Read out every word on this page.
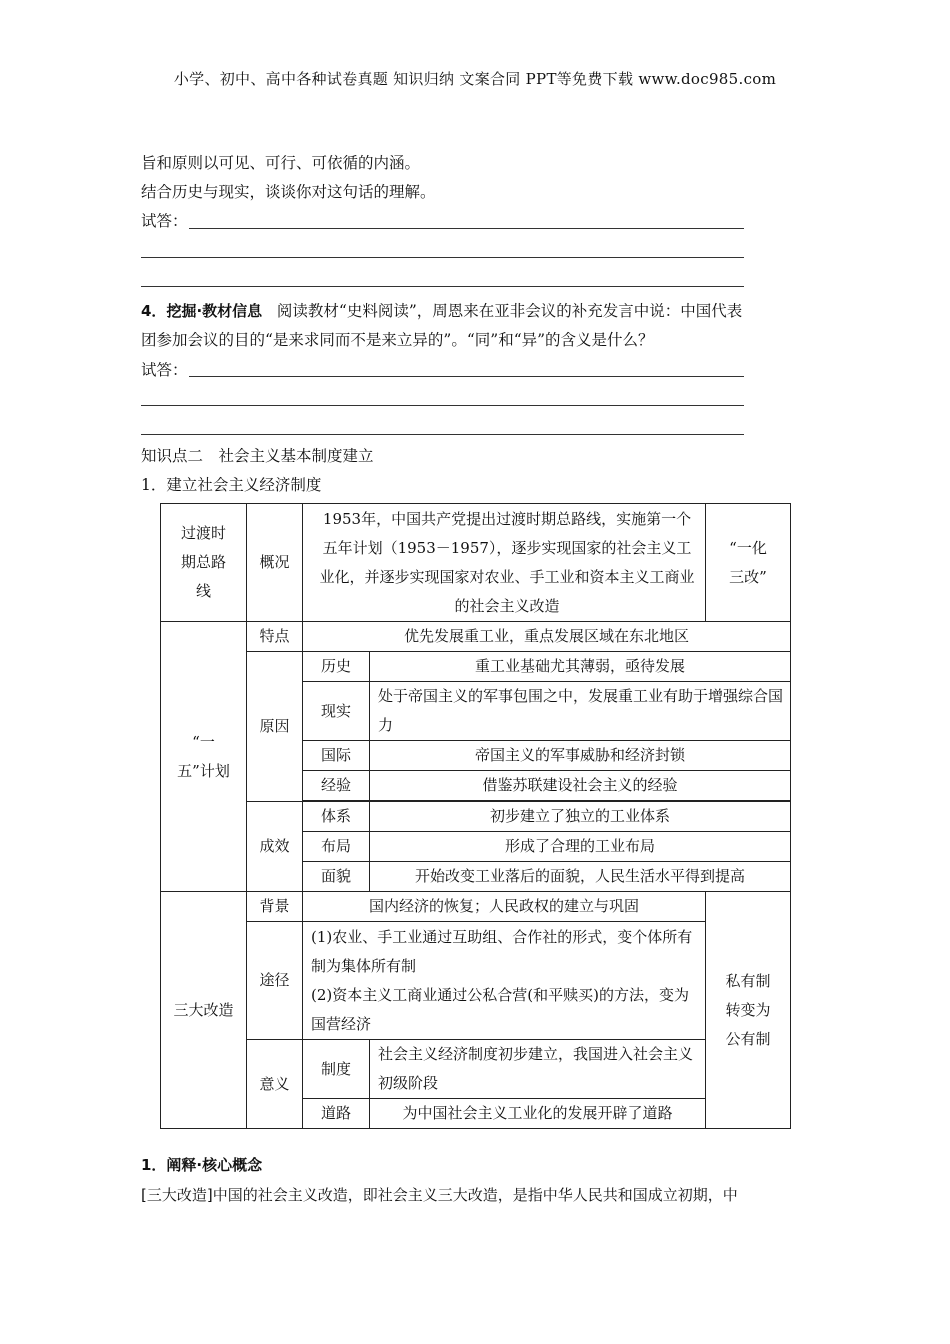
小学、初中、高中各种试卷真题 知识归纳 文案合同 PPT等免费下载 www.doc985.com
旨和原则以可见、可行、可依循的内涵。
结合历史与现实，谈谈你对这句话的理解。
试答：
4．挖掘·教材信息 阅读教材“史料阅读”，周恩来在亚非会议的补充发言中说：中国代表
团参加会议的目的“是来求同而不是来立异的”。“同”和“异”的含义是什么？
试答：
知识点二　社会主义基本制度建立
1．建立社会主义经济制度
过渡时期总路线	概况	1953年，中国共产党提出过渡时期总路线，实施第一个五年计划（1953－1957），逐步实现国家的社会主义工业化，并逐步实现国家对农业、手工业和资本主义工商业的社会主义改造		“一化三改”
“一五”计划	特点	优先发展重工业，重点发展区域在东北地区		
	原因	历史	重工业基础尤其薄弱，亟待发展	
		现实	处于帝国主义的军事包围之中，发展重工业有助于增强综合国力	
		国际	帝国主义的军事威胁和经济封锁	
		经验	借鉴苏联建设社会主义的经验	

	成效	体系	初步建立了独立的工业体系	
		布局	形成了合理的工业布局	
		面貌	开始改变工业落后的面貌，人民生活水平得到提高	
三大改造	背景	国内经济的恢复；人民政权的建立与巩固		私有制转变为公有制
	途径	(1)农业、手工业通过互助组、合作社的形式，变个体所有制为集体所有制
(2)资本主义工商业通过公私合营(和平赎买)的方法，变为国营经济		

	意义	制度	社会主义经济制度初步建立，我国进入社会主义初级阶段	
		道路	为中国社会主义工业化的发展开辟了道路	
1．阐释·核心概念
[三大改造]中国的社会主义改造，即社会主义三大改造，是指中华人民共和国成立初期，中
